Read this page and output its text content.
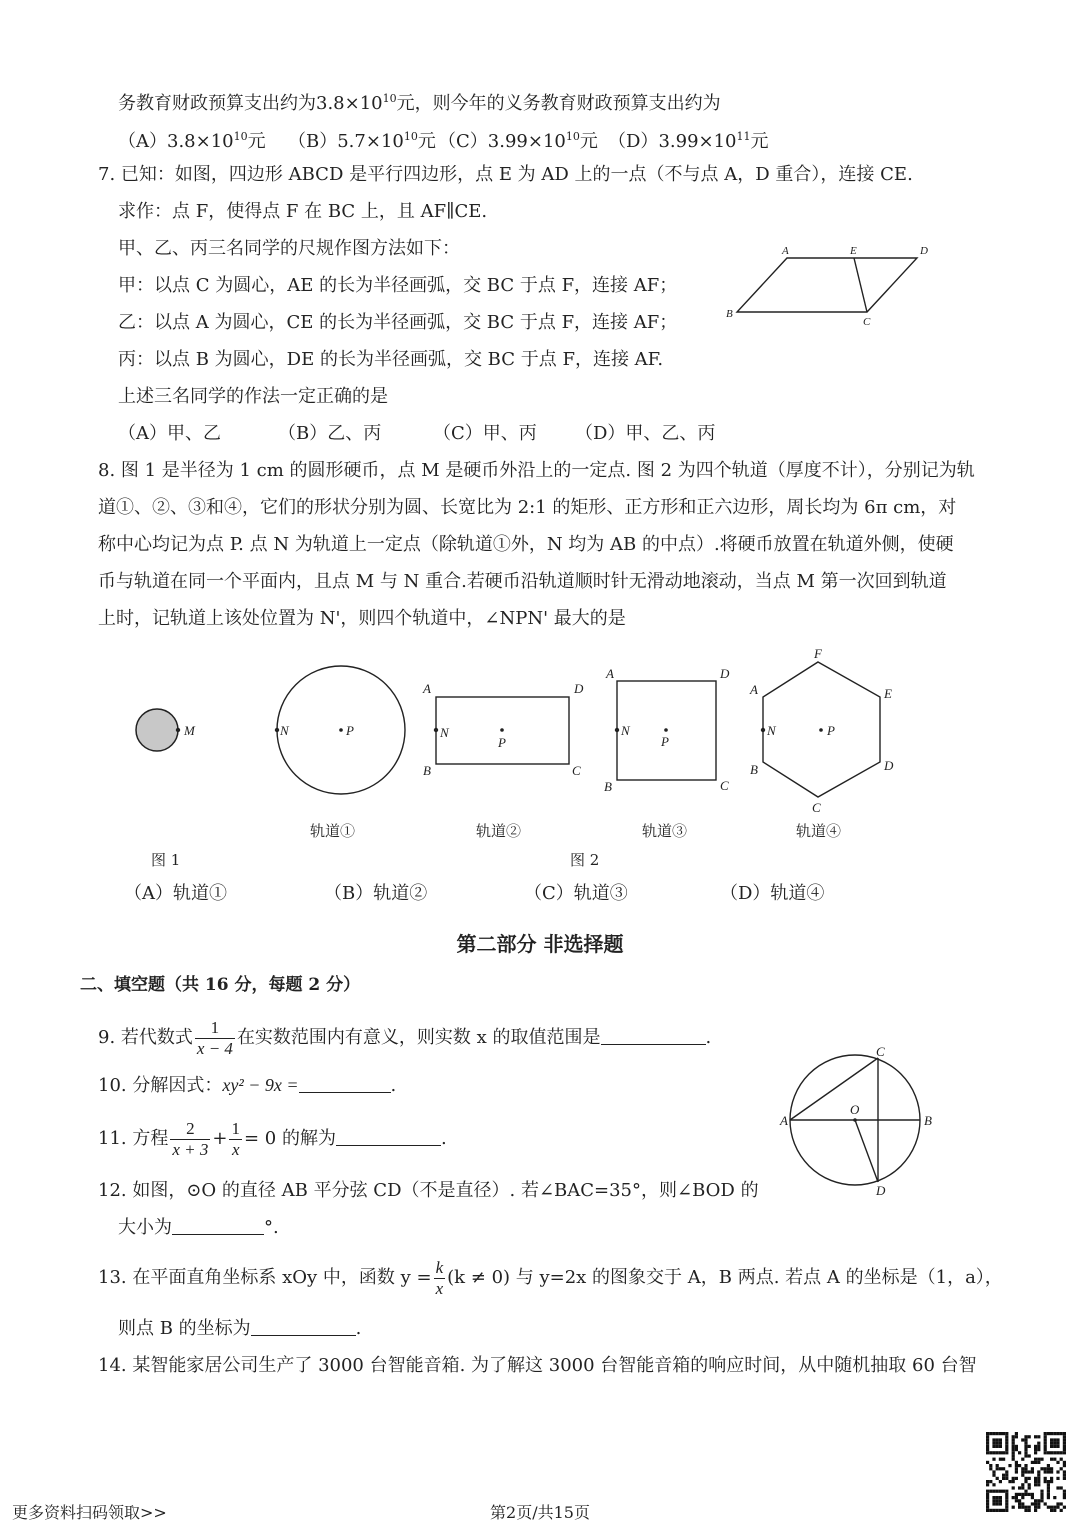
务教育财政预算支出约为$3.8\times 10^{10}$元，则今年的义务教育财政预算支出约为
$(A)3.8\times 10^{10}$元 $(B)5.7\times 10^{10}$元 $(C)3.99\times 10^{10}$元 $(D)3.99\times 10^{11}$元
7. 已知：如图，四边形 ABCD 是平行四边形，点 E 为 AD 上的一点（不与点 A，D 重合），连接 CE.
求作：点 F，使得点 F 在 BC 上，且 AF∥CE.
甲、乙、丙三名同学的尺规作图方法如下：
甲：以点 C 为圆心，AE 的长为半径画弧，交 BC 于点 F，连接 AF；
乙：以点 A 为圆心，CE 的长为半径画弧，交 BC 于点 F，连接 AF；
丙：以点 B 为圆心，DE 的长为半径画弧，交 BC 于点 F，连接 AF.
上述三名同学的作法一定正确的是
（A）甲、乙	（B）乙、丙	（C）甲、丙 （D）甲、乙、丙
A	E	D
B
C
8. 图 1 是半径为 1 cm 的圆形硬币，点 M 是硬币外沿上的一定点. 图 2 为四个轨道（厚度不计），分别记为轨
道①、②、③和④，它们的形状分别为圆、长宽比为 2:1 的矩形、正方形和正六边形，周长均为 6π cm，对
称中心均记为点 P. 点 N 为轨道上一定点（除轨道①外，N 均为 AB 的中点）.将硬币放置在轨道外侧，使硬
币与轨道在同一个平面内，且点 M 与 N 重合.若硬币沿轨道顺时针无滑动地滚动，当点 M 第一次回到轨道
上时，记轨道上该处位置为 N'，则四个轨道中，∠NPN' 最大的是
M	N	P	N
P
A
B	C
D
N
P
A
B	C
D
N	P
F
E
D
C
A
B
轨道①	轨道②	轨道③	轨道④
图 1	图 2
（A）轨道①	（B）轨道②	（C）轨道③	（D）轨道④
第二部分 非选择题
二、填空题（共 16 分，每题 2 分）
9. 若代数式 $\frac{1}{x - 4}$ 在实数范围内有意义，则实数 x 的取值范围是	.
10. 分解因式：xy² − 9x =	.
11. 方程 $\frac{2}{x + 3} + \frac{1}{x} = 0$ 的解为	.
12. 如图，⊙O 的直径 AB 平分弦 CD（不是直径）. 若∠BAC=35°，则∠BOD 的
大小为	°.
A	B
C
D
O
13. 在平面直角坐标系 xOy 中，函数 $y = \frac{k}{x} (k \ne 0)$ 与 y=2x 的图象交于 A，B 两点. 若点 A 的坐标是（1，a），
则点 B 的坐标为	.
14. 某智能家居公司生产了 3000 台智能音箱. 为了解这 3000 台智能音箱的响应时间，从中随机抽取 60 台智
更多资料扫码领取>>	第2页/共15页
